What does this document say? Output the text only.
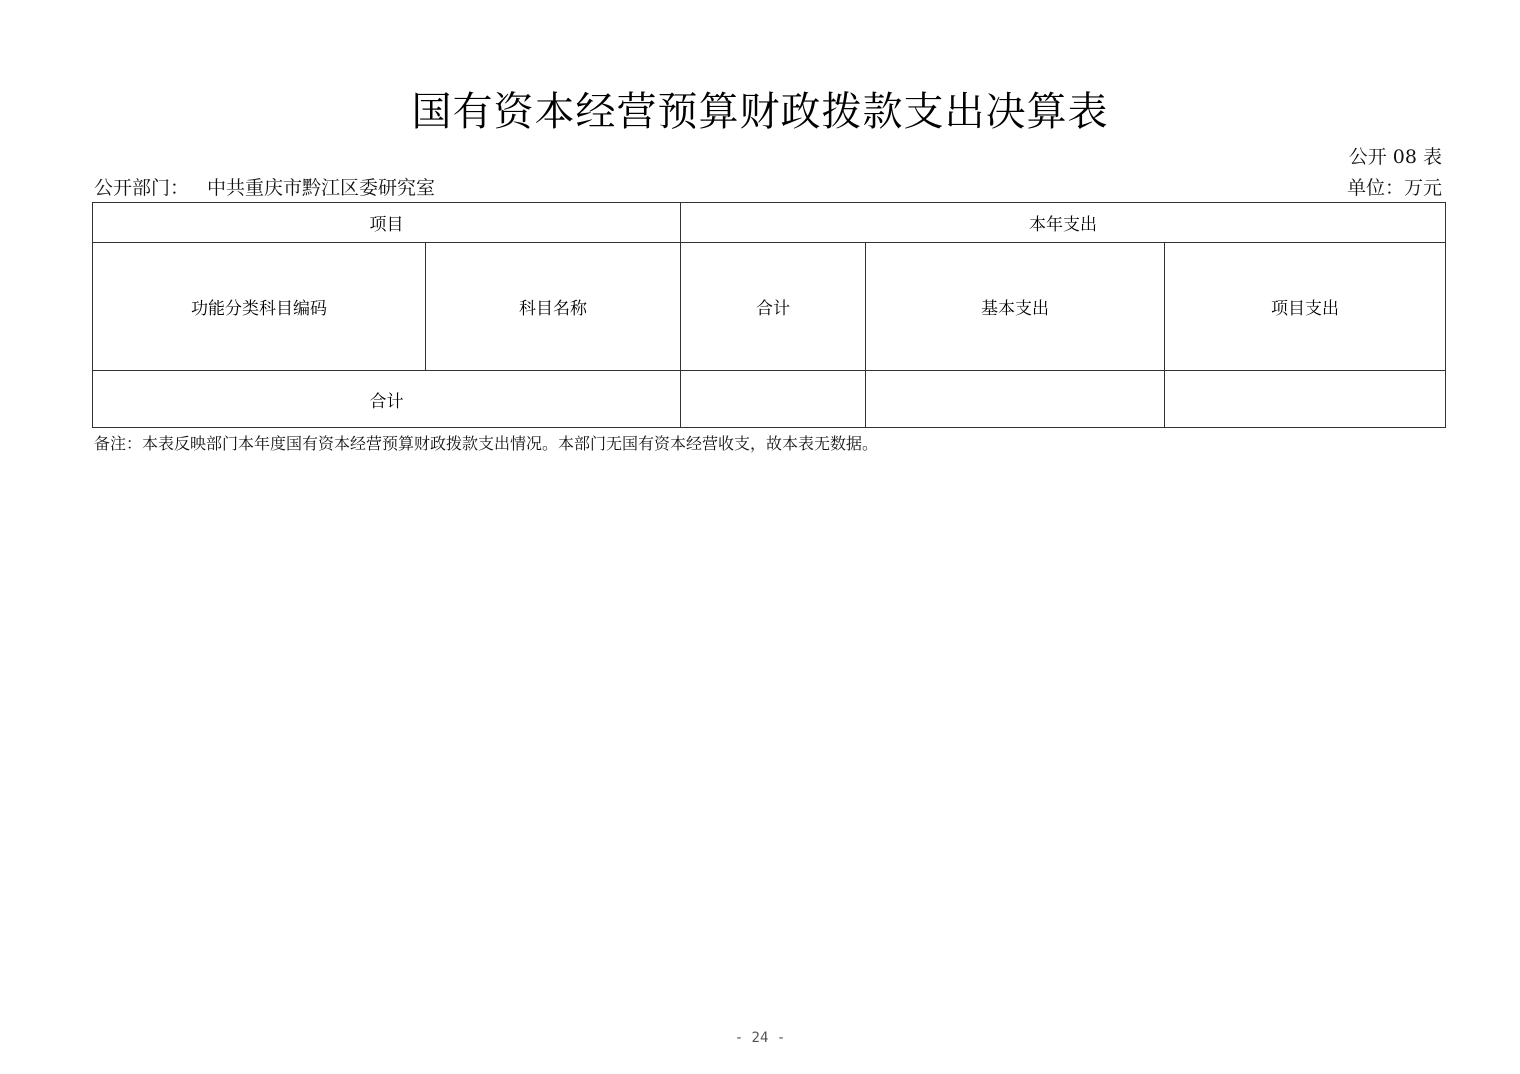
国有资本经营预算财政拨款支出决算表
公开 08 表
公开部门： 中共重庆市黔江区委研究室	单位：万元
项目		本年支出		
功能分类科目编码	科目名称	合计	基本支出	项目支出
合计				
备注：本表反映部门本年度国有资本经营预算财政拨款支出情况。本部门无国有资本经营收支，故本表无数据。
- 24 -
